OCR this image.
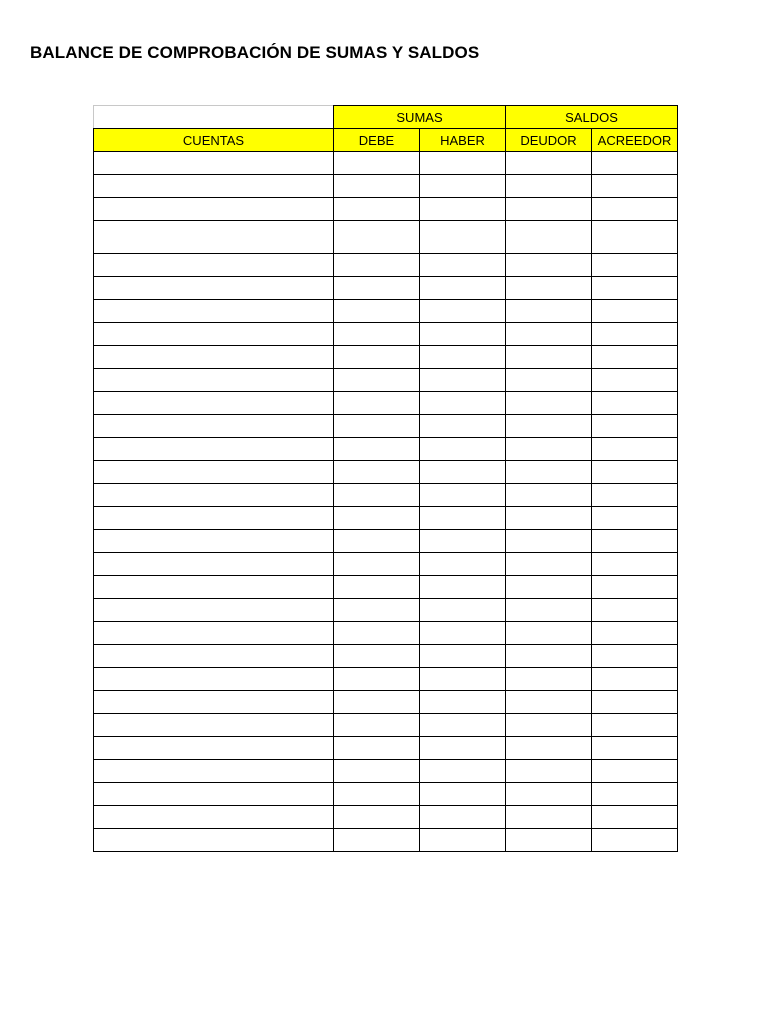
BALANCE DE COMPROBACIÓN DE SUMAS Y SALDOS
	SUMAS		SALDOS	
CUENTAS	DEBE	HABER	DEUDOR	ACREEDOR
